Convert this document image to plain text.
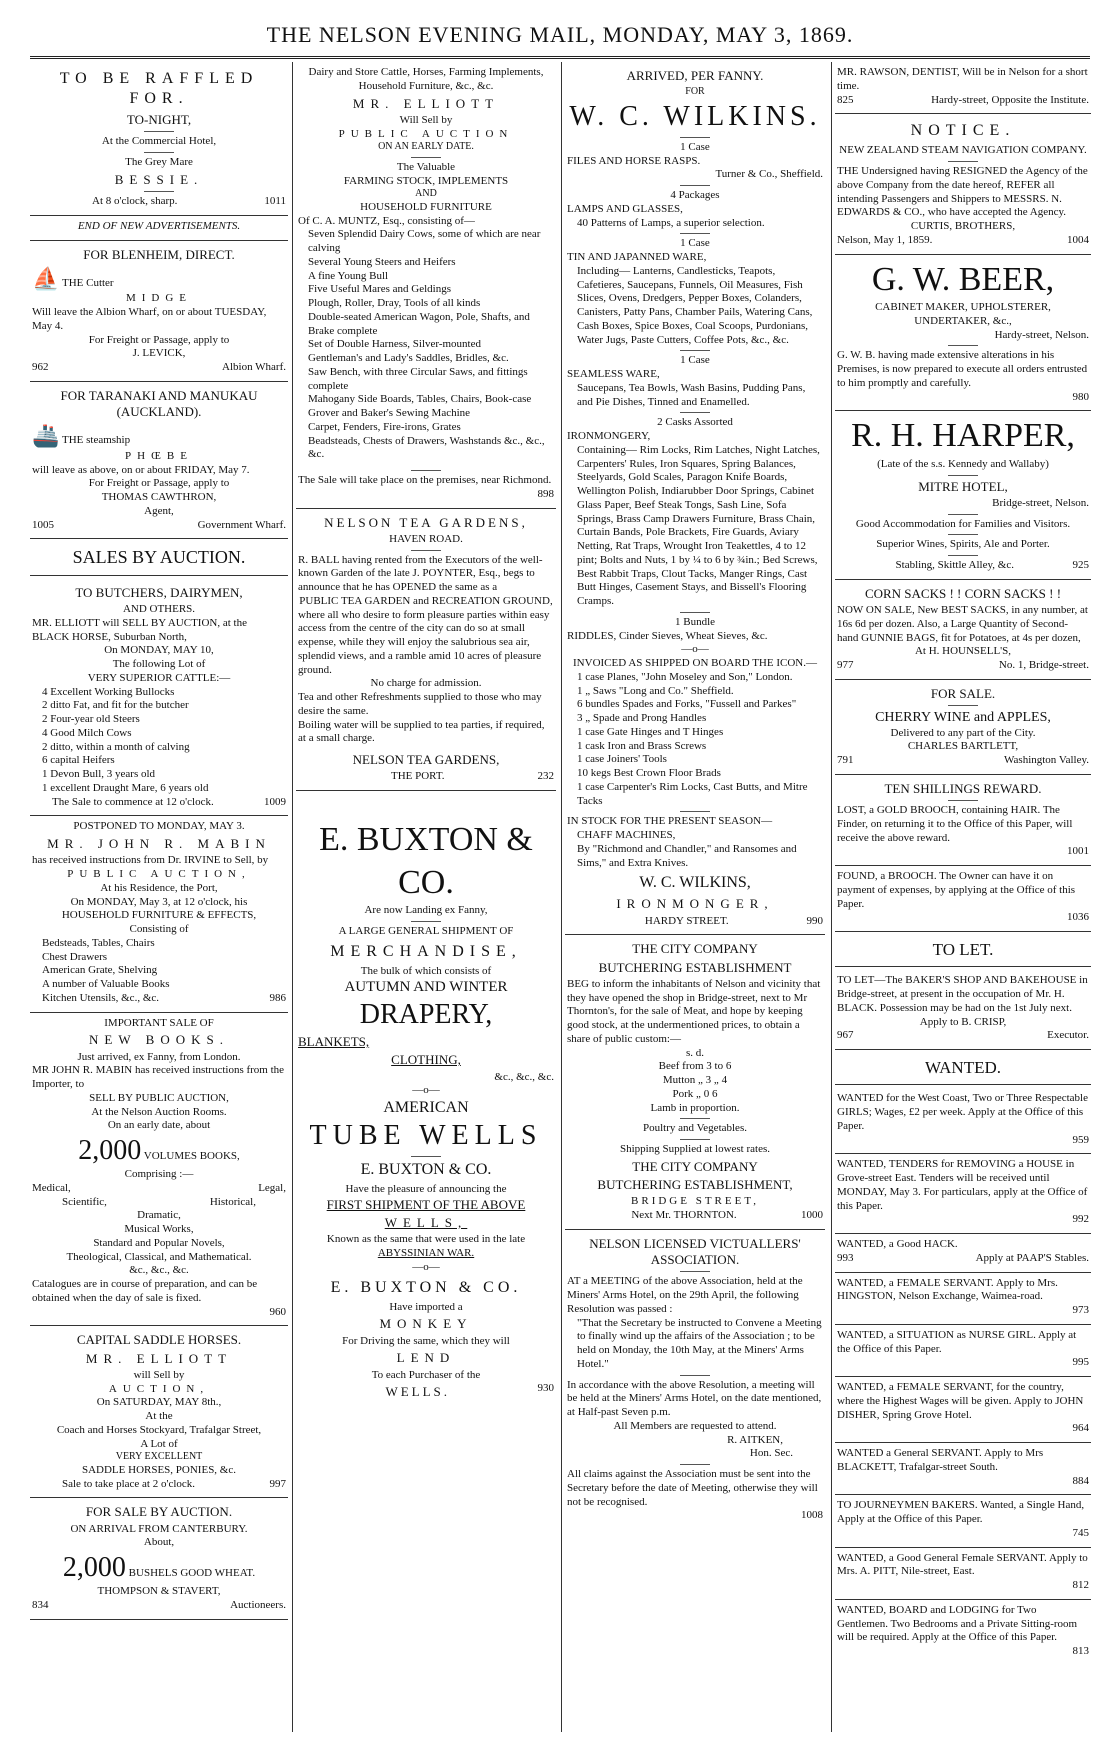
THE NELSON EVENING MAIL, MONDAY, MAY 3, 1869.
TO BE RAFFLED FOR.
TO-NIGHT,
At the Commercial Hotel,
The Grey Mare
BESSIE.
At 8 o'clock, sharp.	1011
END OF NEW ADVERTISEMENTS.
FOR BLENHEIM, DIRECT.
⛵ THE Cutter
MIDGE
Will leave the Albion Wharf, on or about TUESDAY, May 4.
For Freight or Passage, apply to
J. LEVICK,
962	Albion Wharf.
FOR TARANAKI AND MANUKAU (AUCKLAND).
🚢 THE steamship
PHŒBE
will leave as above, on or about FRIDAY, May 7.
For Freight or Passage, apply to
THOMAS CAWTHRON,
Agent,
1005	Government Wharf.
SALES BY AUCTION.
TO BUTCHERS, DAIRYMEN,
AND OTHERS.
MR. ELLIOTT will SELL BY AUCTION, at the BLACK HORSE, Suburban North,
On MONDAY, MAY 10,
The following Lot of
VERY SUPERIOR CATTLE:—
4 Excellent Working Bullocks
2 ditto Fat, and fit for the butcher
2 Four-year old Steers
4 Good Milch Cows
2 ditto, within a month of calving
6 capital Heifers
1 Devon Bull, 3 years old
1 excellent Draught Mare, 6 years old
The Sale to commence at 12 o'clock.	1009
POSTPONED TO MONDAY, MAY 3.
MR. JOHN R. MABIN
has received instructions from Dr. IRVINE to Sell, by
PUBLIC AUCTION,
At his Residence, the Port,
On MONDAY, May 3, at 12 o'clock, his
HOUSEHOLD FURNITURE & EFFECTS,
Consisting of
Bedsteads, Tables, Chairs
Chest Drawers
American Grate, Shelving
A number of Valuable Books
Kitchen Utensils, &c., &c.	986
IMPORTANT SALE OF
NEW BOOKS.
Just arrived, ex Fanny, from London.
MR JOHN R. MABIN has received instructions from the Importer, to
SELL BY PUBLIC AUCTION,
At the Nelson Auction Rooms.
On an early date, about
2,000 VOLUMES BOOKS,
Comprising :—
Medical,	Legal,
Scientific,	Historical,
Dramatic,
Musical Works,
Standard and Popular Novels,
Theological, Classical, and Mathematical.
&c., &c., &c.
Catalogues are in course of preparation, and can be obtained when the day of sale is fixed.
960
CAPITAL SADDLE HORSES.
MR. ELLIOTT
will Sell by
AUCTION,
On SATURDAY, MAY 8th.,
At the
Coach and Horses Stockyard, Trafalgar Street,
A Lot of
VERY EXCELLENT
SADDLE HORSES, PONIES, &c.
Sale to take place at 2 o'clock.	997
FOR SALE BY AUCTION.
ON ARRIVAL FROM CANTERBURY.
About,
2,000 BUSHELS GOOD WHEAT.
THOMPSON & STAVERT,
834	Auctioneers.
Dairy and Store Cattle, Horses, Farming Implements, Household Furniture, &c., &c.
MR. ELLIOTT
Will Sell by
PUBLIC AUCTION
ON AN EARLY DATE.
The Valuable
FARMING STOCK, IMPLEMENTS
AND
HOUSEHOLD FURNITURE
Of C. A. MUNTZ, Esq., consisting of—
Seven Splendid Dairy Cows, some of which are near calving
Several Young Steers and Heifers
A fine Young Bull
Five Useful Mares and Geldings
Plough, Roller, Dray, Tools of all kinds
Double-seated American Wagon, Pole, Shafts, and Brake complete
Set of Double Harness, Silver-mounted
Gentleman's and Lady's Saddles, Bridles, &c.
Saw Bench, with three Circular Saws, and fittings complete
Mahogany Side Boards, Tables, Chairs, Book-case
Grover and Baker's Sewing Machine
Carpet, Fenders, Fire-irons, Grates
Beadsteads, Chests of Drawers, Washstands &c., &c., &c.
The Sale will take place on the premises, near Richmond.
898
NELSON TEA GARDENS,
HAVEN ROAD.
R. BALL having rented from the Executors of the well-known Garden of the late J. POYNTER, Esq., begs to announce that he has OPENED the same as a
PUBLIC TEA GARDEN and RECREATION GROUND,
where all who desire to form pleasure parties within easy access from the centre of the city can do so at small expense, while they will enjoy the salubrious sea air, splendid views, and a ramble amid 10 acres of pleasure ground.
No charge for admission.
Tea and other Refreshments supplied to those who may desire the same.
Boiling water will be supplied to tea parties, if required, at a small charge.
NELSON TEA GARDENS,
THE PORT.	232
E. BUXTON & CO.
Are now Landing ex Fanny,
A LARGE GENERAL SHIPMENT OF
MERCHANDISE,
The bulk of which consists of
AUTUMN AND WINTER
DRAPERY,
BLANKETS,
CLOTHING,
&c., &c., &c.
—o—
AMERICAN
TUBE WELLS
E. BUXTON & CO.
Have the pleasure of announcing the
FIRST SHIPMENT OF THE ABOVE
WELLS,
Known as the same that were used in the late
ABYSSINIAN WAR.
—o—
E. BUXTON & CO.
Have imported a
MONKEY
For Driving the same, which they will
LEND
To each Purchaser of the
WELLS.	930
ARRIVED, PER FANNY.
FOR
W. C. WILKINS.
1 Case
FILES AND HORSE RASPS.
Turner & Co., Sheffield.
4 Packages
LAMPS AND GLASSES,
40 Patterns of Lamps, a superior selection.
1 Case
TIN AND JAPANNED WARE,
Including— Lanterns, Candlesticks, Teapots, Cafetieres, Saucepans, Funnels, Oil Measures, Fish Slices, Ovens, Dredgers, Pepper Boxes, Colanders, Canisters, Patty Pans, Chamber Pails, Watering Cans, Cash Boxes, Spice Boxes, Coal Scoops, Purdonians, Water Jugs, Paste Cutters, Coffee Pots, &c., &c.
1 Case
SEAMLESS WARE,
Saucepans, Tea Bowls, Wash Basins, Pudding Pans, and Pie Dishes, Tinned and Enamelled.
2 Casks Assorted
IRONMONGERY,
Containing— Rim Locks, Rim Latches, Night Latches, Carpenters' Rules, Iron Squares, Spring Balances, Steelyards, Gold Scales, Paragon Knife Boards, Wellington Polish, Indiarubber Door Springs, Cabinet Glass Paper, Beef Steak Tongs, Sash Line, Sofa Springs, Brass Camp Drawers Furniture, Brass Chain, Curtain Bands, Pole Brackets, Fire Guards, Aviary Netting, Rat Traps, Wrought Iron Teakettles, 4 to 12 pint; Bolts and Nuts, 1 by ¼ to 6 by ¾in.; Bed Screws, Best Rabbit Traps, Clout Tacks, Manger Rings, Cast Butt Hinges, Casement Stays, and Bissell's Flooring Cramps.
1 Bundle
RIDDLES, Cinder Sieves, Wheat Sieves, &c.
—o—
INVOICED AS SHIPPED ON BOARD THE ICON.—
1 case Planes, "John Moseley and Son," London.
1 „ Saws "Long and Co." Sheffield.
6 bundles Spades and Forks, "Fussell and Parkes"
3 „ Spade and Prong Handles
1 case Gate Hinges and T Hinges
1 cask Iron and Brass Screws
1 case Joiners' Tools
10 kegs Best Crown Floor Brads
1 case Carpenter's Rim Locks, Cast Butts, and Mitre Tacks
IN STOCK FOR THE PRESENT SEASON—
CHAFF MACHINES,
By "Richmond and Chandler," and Ransomes and Sims," and Extra Knives.
W. C. WILKINS,
IRONMONGER,
HARDY STREET.	990
THE CITY COMPANY
BUTCHERING ESTABLISHMENT
BEG to inform the inhabitants of Nelson and vicinity that they have opened the shop in Bridge-street, next to Mr Thornton's, for the sale of Meat, and hope by keeping good stock, at the undermentioned prices, to obtain a share of public custom:—
s. d.
Beef from 3 to 6
Mutton „ 3 „ 4
Pork „ 0 6
Lamb in proportion.
Poultry and Vegetables.
Shipping Supplied at lowest rates.
THE CITY COMPANY
BUTCHERING ESTABLISHMENT,
BRIDGE STREET,
Next Mr. THORNTON.	1000
NELSON LICENSED VICTUALLERS' ASSOCIATION.
AT a MEETING of the above Association, held at the Miners' Arms Hotel, on the 29th April, the following Resolution was passed :
"That the Secretary be instructed to Convene a Meeting to finally wind up the affairs of the Association ; to be held on Monday, the 10th May, at the Miners' Arms Hotel."
In accordance with the above Resolution, a meeting will be held at the Miners' Arms Hotel, on the date mentioned, at Half-past Seven p.m.
All Members are requested to attend.
R. AITKEN,
Hon. Sec.
All claims against the Association must be sent into the Secretary before the date of Meeting, otherwise they will not be recognised.
1008
MR. RAWSON, DENTIST, Will be in Nelson for a short time.
825	Hardy-street, Opposite the Institute.
NOTICE.
NEW ZEALAND STEAM NAVIGATION COMPANY.
THE Undersigned having RESIGNED the Agency of the above Company from the date hereof, REFER all intending Passengers and Shippers to MESSRS. N. EDWARDS & CO., who have accepted the Agency.
CURTIS, BROTHERS,
Nelson, May 1, 1859.	1004
G. W. BEER,
CABINET MAKER, UPHOLSTERER,
UNDERTAKER, &c.,
Hardy-street, Nelson.
G. W. B. having made extensive alterations in his Premises, is now prepared to execute all orders entrusted to him promptly and carefully.
980
R. H. HARPER,
(Late of the s.s. Kennedy and Wallaby)
MITRE HOTEL,
Bridge-street, Nelson.
Good Accommodation for Families and Visitors.
Superior Wines, Spirits, Ale and Porter.
Stabling, Skittle Alley, &c.	925
CORN SACKS ! ! CORN SACKS ! !
NOW ON SALE, New BEST SACKS, in any number, at 16s 6d per dozen. Also, a Large Quantity of Second-hand GUNNIE BAGS, fit for Potatoes, at 4s per dozen,
At H. HOUNSELL'S,
977	No. 1, Bridge-street.
FOR SALE.
CHERRY WINE and APPLES,
Delivered to any part of the City.
CHARLES BARTLETT,
791	Washington Valley.
TEN SHILLINGS REWARD.
LOST, a GOLD BROOCH, containing HAIR. The Finder, on returning it to the Office of this Paper, will receive the above reward.
1001
FOUND, a BROOCH. The Owner can have it on payment of expenses, by applying at the Office of this Paper.
1036
TO LET.
TO LET—The BAKER'S SHOP AND BAKEHOUSE in Bridge-street, at present in the occupation of Mr. H. BLACK. Possession may be had on the 1st July next.
Apply to B. CRISP,
967	Executor.
WANTED.
WANTED for the West Coast, Two or Three Respectable GIRLS; Wages, £2 per week. Apply at the Office of this Paper.
959
WANTED, TENDERS for REMOVING a HOUSE in Grove-street East. Tenders will be received until MONDAY, May 3. For particulars, apply at the Office of this Paper.
992
WANTED, a Good HACK.
993	Apply at PAAP'S Stables.
WANTED, a FEMALE SERVANT. Apply to Mrs. HINGSTON, Nelson Exchange, Waimea-road.
973
WANTED, a SITUATION as NURSE GIRL. Apply at the Office of this Paper.
995
WANTED, a FEMALE SERVANT, for the country, where the Highest Wages will be given. Apply to JOHN DISHER, Spring Grove Hotel.
964
WANTED a General SERVANT. Apply to Mrs BLACKETT, Trafalgar-street South.
884
TO JOURNEYMEN BAKERS. Wanted, a Single Hand, Apply at the Office of this Paper.
745
WANTED, a Good General Female SERVANT. Apply to Mrs. A. PITT, Nile-street, East.
812
WANTED, BOARD and LODGING for Two Gentlemen. Two Bedrooms and a Private Sitting-room will be required. Apply at the Office of this Paper.
813
